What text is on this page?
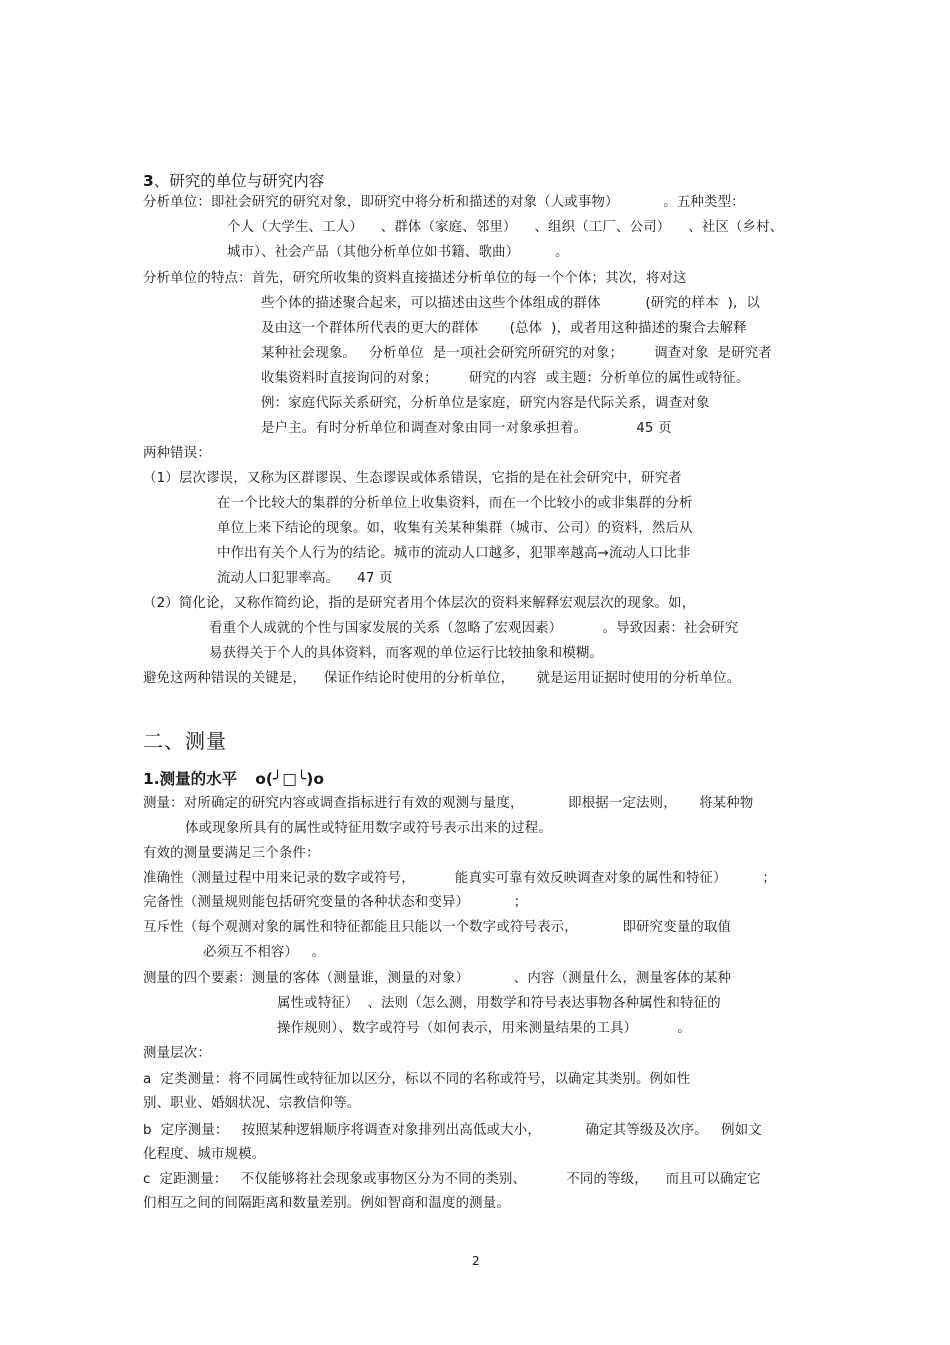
3、研究的单位与研究内容
分析单位：即社会研究的研究对象，即研究中将分析和描述的对象（人或事物）          。五种类型：
个人（大学生、工人）    、群体（家庭、邻里）    、组织（工厂、公司）    、社区（乡村、
城市）、社会产品（其他分析单位如书籍、歌曲）        。
分析单位的特点：首先，研究所收集的资料直接描述分析单位的每一个个体；其次，将对这
些个体的描述聚合起来，可以描述由这些个体组成的群体          (研究的样本  ),  以
及由这一个群体所代表的更大的群体       (总体  )，或者用这种描述的聚合去解释
某种社会现象。   分析单位  是一项社会研究所研究的对象；       调查对象  是研究者
收集资料时直接询问的对象；       研究的内容  或主题：分析单位的属性或特征。
例：家庭代际关系研究，分析单位是家庭，研究内容是代际关系，调查对象
是户主。有时分析单位和调查对象由同一对象承担着。           45 页
两种错误：
（1）层次谬误，又称为区群谬误、生态谬误或体系错误，它指的是在社会研究中，研究者
在一个比较大的集群的分析单位上收集资料，而在一个比较小的或非集群的分析
单位上来下结论的现象。如，收集有关某种集群（城市、公司）的资料，然后从
中作出有关个人行为的结论。城市的流动人口越多，犯罪率越高→流动人口比非
流动人口犯罪率高。    47 页
（2）简化论，又称作简约论，指的是研究者用个体层次的资料来解释宏观层次的现象。如，
看重个人成就的个性与国家发展的关系（忽略了宏观因素）         。导致因素：社会研究
易获得关于个人的具体资料，而客观的单位运行比较抽象和模糊。
避免这两种错误的关键是，    保证作结论时使用的分析单位，     就是运用证据时使用的分析单位。
二、测量
1.测量的水平 o(╯□╰)o
测量：对所确定的研究内容或调查指标进行有效的观测与量度，          即根据一定法则，     将某种物
体或现象所具有的属性或特征用数字或符号表示出来的过程。
有效的测量要满足三个条件：
准确性（测量过程中用来记录的数字或符号，         能真实可靠有效反映调查对象的属性和特征）        ；
完备性（测量规则能包括研究变量的各种状态和变异）          ；
互斥性（每个观测对象的属性和特征都能且只能以一个数字或符号表示，          即研究变量的取值
必须互不相容）   。
测量的四个要素：测量的客体（测量谁，测量的对象）          、内容（测量什么，测量客体的某种
属性或特征）  、法则（怎么测，用数学和符号表达事物各种属性和特征的
操作规则）、数字或符号（如何表示，用来测量结果的工具）         。
测量层次：
a  定类测量：将不同属性或特征加以区分，标以不同的名称或符号，以确定其类别。例如性
别、职业、婚姻状况、宗教信仰等。
b  定序测量：   按照某种逻辑顺序将调查对象排列出高低或大小，          确定其等级及次序。   例如文
化程度、城市规模。
c  定距测量：   不仅能够将社会现象或事物区分为不同的类别、         不同的等级，    而且可以确定它
们相互之间的间隔距离和数量差别。例如智商和温度的测量。
2
